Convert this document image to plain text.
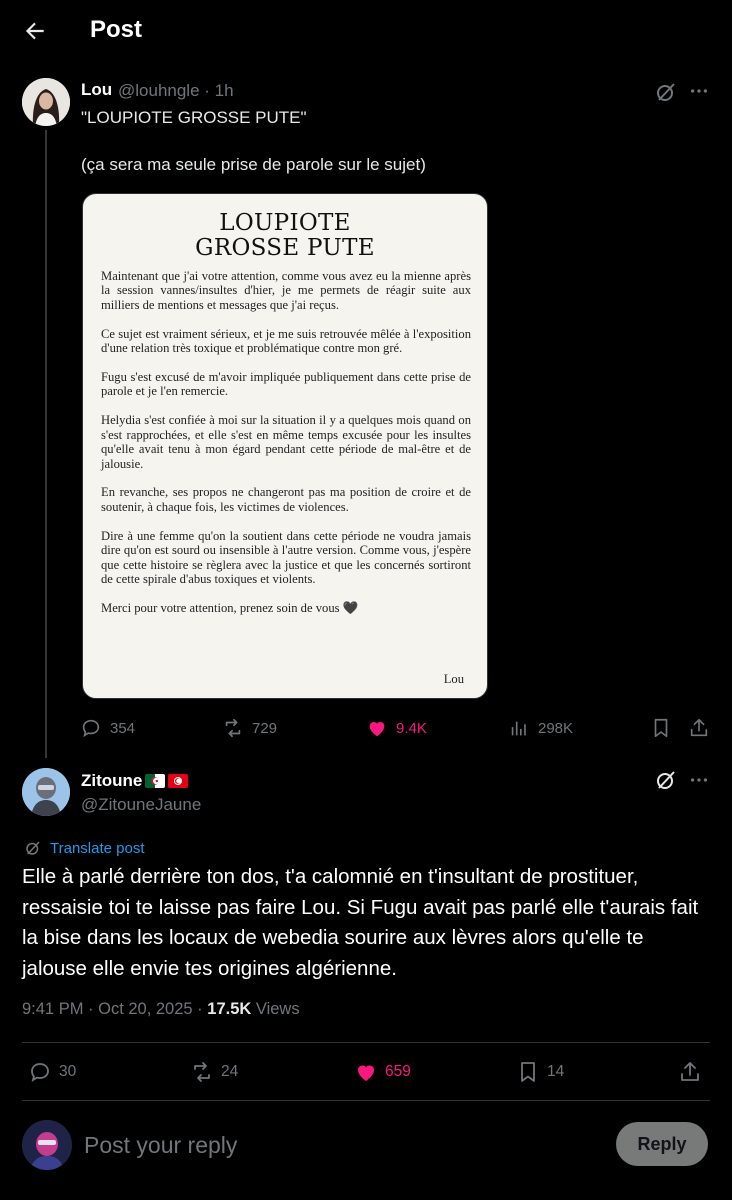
Post
Lou @louhngle · 1h
"LOUPIOTE GROSSE PUTE"
(ça sera ma seule prise de parole sur le sujet)
LOUPIOTE
GROSSE PUTE

Maintenant que j'ai votre attention, comme vous avez eu la mienne après la session vannes/insultes d'hier, je me permets de réagir suite aux milliers de mentions et messages que j'ai reçus.

Ce sujet est vraiment sérieux, et je me suis retrouvée mêlée à l'exposition d'une relation très toxique et problématique contre mon gré.

Fugu s'est excusé de m'avoir impliquée publiquement dans cette prise de parole et je l'en remercie.

Helydia s'est confiée à moi sur la situation il y a quelques mois quand on s'est rapprochées, et elle s'est en même temps excusée pour les insultes qu'elle avait tenu à mon égard pendant cette période de mal-être et de jalousie.

En revanche, ses propos ne changeront pas ma position de croire et de soutenir, à chaque fois, les victimes de violences.

Dire à une femme qu'on la soutient dans cette période ne voudra jamais dire qu'on est sourd ou insensible à l'autre version. Comme vous, j'espère que cette histoire se règlera avec la justice et que les concernés sortiront de cette spirale d'abus toxiques et violents.

Merci pour votre attention, prenez soin de vous 🖤

Lou
354	729	9.4K	298K
Zitoune
@ZitouneJaune
Translate post
Elle à parlé derrière ton dos, t'a calomnié en t'insultant de prostituer, ressaisie toi te laisse pas faire Lou. Si Fugu avait pas parlé elle t'aurais fait la bise dans les locaux de webedia sourire aux lèvres alors qu'elle te jalouse elle envie tes origines algérienne.
9:41 PM · Oct 20, 2025 · 17.5K Views
30	24	659	14
Post your reply
Reply
